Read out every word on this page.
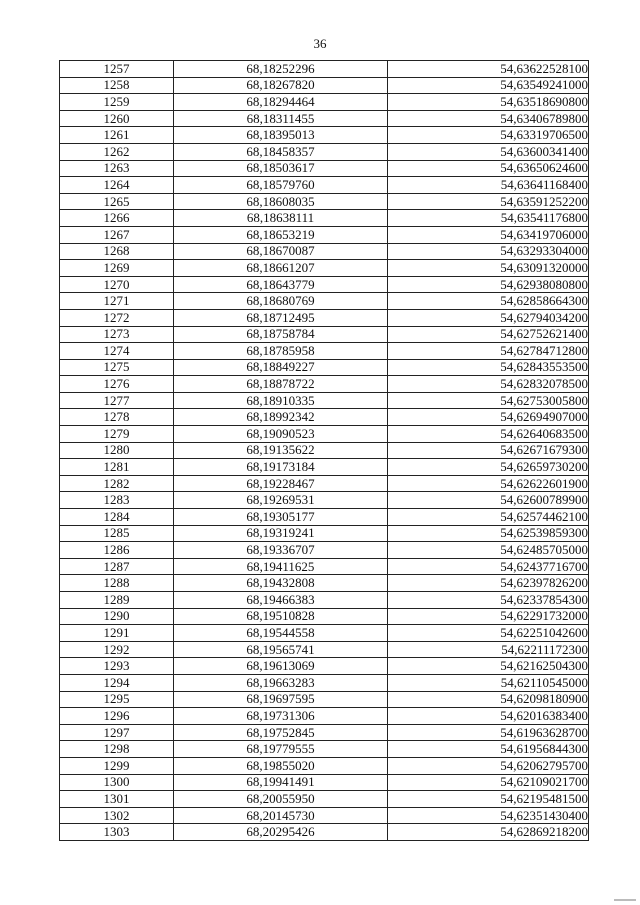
36
1257	68,18252296	54,63622528100
1258	68,18267820	54,63549241000
1259	68,18294464	54,63518690800
1260	68,18311455	54,63406789800
1261	68,18395013	54,63319706500
1262	68,18458357	54,63600341400
1263	68,18503617	54,63650624600
1264	68,18579760	54,63641168400
1265	68,18608035	54,63591252200
1266	68,18638111	54,63541176800
1267	68,18653219	54,63419706000
1268	68,18670087	54,63293304000
1269	68,18661207	54,63091320000
1270	68,18643779	54,62938080800
1271	68,18680769	54,62858664300
1272	68,18712495	54,62794034200
1273	68,18758784	54,62752621400
1274	68,18785958	54,62784712800
1275	68,18849227	54,62843553500
1276	68,18878722	54,62832078500
1277	68,18910335	54,62753005800
1278	68,18992342	54,62694907000
1279	68,19090523	54,62640683500
1280	68,19135622	54,62671679300
1281	68,19173184	54,62659730200
1282	68,19228467	54,62622601900
1283	68,19269531	54,62600789900
1284	68,19305177	54,62574462100
1285	68,19319241	54,62539859300
1286	68,19336707	54,62485705000
1287	68,19411625	54,62437716700
1288	68,19432808	54,62397826200
1289	68,19466383	54,62337854300
1290	68,19510828	54,62291732000
1291	68,19544558	54,62251042600
1292	68,19565741	54,62211172300
1293	68,19613069	54,62162504300
1294	68,19663283	54,62110545000
1295	68,19697595	54,62098180900
1296	68,19731306	54,62016383400
1297	68,19752845	54,61963628700
1298	68,19779555	54,61956844300
1299	68,19855020	54,62062795700
1300	68,19941491	54,62109021700
1301	68,20055950	54,62195481500
1302	68,20145730	54,62351430400
1303	68,20295426	54,62869218200
